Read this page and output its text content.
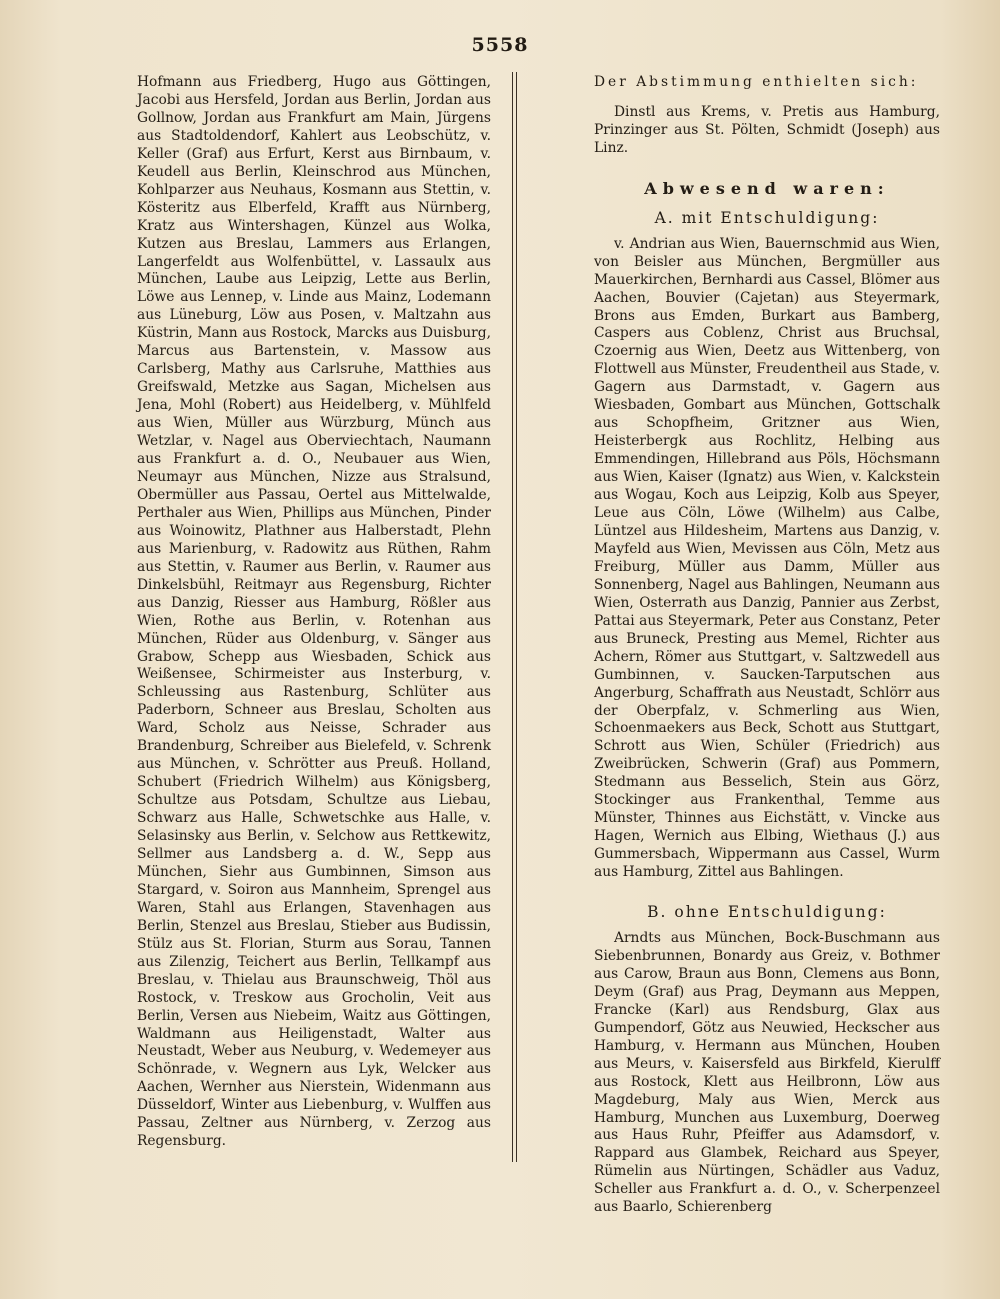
5558

Hofmann aus Friedberg, Hugo aus Göttingen, Jacobi aus Hersfeld, Jordan aus Berlin, Jordan aus Gollnow, Jordan aus Frankfurt am Main, Jürgens aus Stadtoldendorf, Kahlert aus Leobschütz, v. Keller (Graf) aus Erfurt, Kerst aus Birnbaum, v. Keudell aus Berlin, Kleinschrod aus München, Kohlparzer aus Neuhaus, Kosmann aus Stettin, v. Kösteritz aus Elberfeld, Krafft aus Nürnberg, Kratz aus Wintershagen, Künzel aus Wolka, Kutzen aus Breslau, Lammers aus Erlangen, Langerfeldt aus Wolfenbüttel, v. Lassaulx aus München, Laube aus Leipzig, Lette aus Berlin, Löwe aus Lennep, v. Linde aus Mainz, Lodemann aus Lüneburg, Löw aus Posen, v. Maltzahn aus Küstrin, Mann aus Rostock, Marcks aus Duisburg, Marcus aus Bartenstein, v. Massow aus Carlsberg, Mathy aus Carlsruhe, Matthies aus Greifswald, Metzke aus Sagan, Michelsen aus Jena, Mohl (Robert) aus Heidelberg, v. Mühlfeld aus Wien, Müller aus Würzburg, Münch aus Wetzlar, v. Nagel aus Oberviechtach, Naumann aus Frankfurt a. d. O., Neubauer aus Wien, Neumayr aus München, Nizze aus Stralsund, Obermüller aus Passau, Oertel aus Mittelwalde, Perthaler aus Wien, Phillips aus München, Pinder aus Woinowitz, Plathner aus Halberstadt, Plehn aus Marienburg, v. Radowitz aus Rüthen, Rahm aus Stettin, v. Raumer aus Berlin, v. Raumer aus Dinkelsbühl, Reitmayr aus Regensburg, Richter aus Danzig, Riesser aus Hamburg, Rößler aus Wien, Rothe aus Berlin, v. Rotenhan aus München, Rüder aus Oldenburg, v. Sänger aus Grabow, Schepp aus Wiesbaden, Schick aus Weißensee, Schirmeister aus Insterburg, v. Schleussing aus Rastenburg, Schlüter aus Paderborn, Schneer aus Breslau, Scholten aus Ward, Scholz aus Neisse, Schrader aus Brandenburg, Schreiber aus Bielefeld, v. Schrenk aus München, v. Schrötter aus Preuß. Holland, Schubert (Friedrich Wilhelm) aus Königsberg, Schultze aus Potsdam, Schultze aus Liebau, Schwarz aus Halle, Schwetschke aus Halle, v. Selasinsky aus Berlin, v. Selchow aus Rettkewitz, Sellmer aus Landsberg a. d. W., Sepp aus München, Siehr aus Gumbinnen, Simson aus Stargard, v. Soiron aus Mannheim, Sprengel aus Waren, Stahl aus Erlangen, Stavenhagen aus Berlin, Stenzel aus Breslau, Stieber aus Budissin, Stülz aus St. Florian, Sturm aus Sorau, Tannen aus Zilenzig, Teichert aus Berlin, Tellkampf aus Breslau, v. Thielau aus Braunschweig, Thöl aus Rostock, v. Treskow aus Grocholin, Veit aus Berlin, Versen aus Niebeim, Waitz aus Göttingen, Waldmann aus Heiligenstadt, Walter aus Neustadt, Weber aus Neuburg, v. Wedemeyer aus Schönrade, v. Wegnern aus Lyk, Welcker aus Aachen, Wernher aus Nierstein, Widenmann aus Düsseldorf, Winter aus Liebenburg, v. Wulffen aus Passau, Zeltner aus Nürnberg, v. Zerzog aus Regensburg.

Der Abstimmung enthielten sich:

Dinstl aus Krems, v. Pretis aus Hamburg, Prinzinger aus St. Pölten, Schmidt (Joseph) aus Linz.

Abwesend waren:

A. mit Entschuldigung:

v. Andrian aus Wien, Bauernschmid aus Wien, von Beisler aus München, Bergmüller aus Mauerkirchen, Bernhardi aus Cassel, Blömer aus Aachen, Bouvier (Cajetan) aus Steyermark, Brons aus Emden, Burkart aus Bamberg, Caspers aus Coblenz, Christ aus Bruchsal, Czoernig aus Wien, Deetz aus Wittenberg, von Flottwell aus Münster, Freudentheil aus Stade, v. Gagern aus Darmstadt, v. Gagern aus Wiesbaden, Gombart aus München, Gottschalk aus Schopfheim, Gritzner aus Wien, Heisterbergk aus Rochlitz, Helbing aus Emmendingen, Hillebrand aus Pöls, Höchsmann aus Wien, Kaiser (Ignatz) aus Wien, v. Kalckstein aus Wogau, Koch aus Leipzig, Kolb aus Speyer, Leue aus Cöln, Löwe (Wilhelm) aus Calbe, Lüntzel aus Hildesheim, Martens aus Danzig, v. Mayfeld aus Wien, Mevissen aus Cöln, Metz aus Freiburg, Müller aus Damm, Müller aus Sonnenberg, Nagel aus Bahlingen, Neumann aus Wien, Osterrath aus Danzig, Pannier aus Zerbst, Pattai aus Steyermark, Peter aus Constanz, Peter aus Bruneck, Presting aus Memel, Richter aus Achern, Römer aus Stuttgart, v. Saltzwedell aus Gumbinnen, v. Saucken-Tarputschen aus Angerburg, Schaffrath aus Neustadt, Schlörr aus der Oberpfalz, v. Schmerling aus Wien, Schoenmaekers aus Beck, Schott aus Stuttgart, Schrott aus Wien, Schüler (Friedrich) aus Zweibrücken, Schwerin (Graf) aus Pommern, Stedmann aus Besselich, Stein aus Görz, Stockinger aus Frankenthal, Temme aus Münster, Thinnes aus Eichstätt, v. Vincke aus Hagen, Wernich aus Elbing, Wiethaus (J.) aus Gummersbach, Wippermann aus Cassel, Wurm aus Hamburg, Zittel aus Bahlingen.

B. ohne Entschuldigung:

Arndts aus München, Bock-Buschmann aus Siebenbrunnen, Bonardy aus Greiz, v. Bothmer aus Carow, Braun aus Bonn, Clemens aus Bonn, Deym (Graf) aus Prag, Deymann aus Meppen, Francke (Karl) aus Rendsburg, Glax aus Gumpendorf, Götz aus Neuwied, Heckscher aus Hamburg, v. Hermann aus München, Houben aus Meurs, v. Kaisersfeld aus Birkfeld, Kierulff aus Rostock, Klett aus Heilbronn, Löw aus Magdeburg, Maly aus Wien, Merck aus Hamburg, Munchen aus Luxemburg, Doerweg aus Haus Ruhr, Pfeiffer aus Adamsdorf, v. Rappard aus Glambek, Reichard aus Speyer, Rümelin aus Nürtingen, Schädler aus Vaduz, Scheller aus Frankfurt a. d. O., v. Scherpenzeel aus Baarlo, Schierenberg
